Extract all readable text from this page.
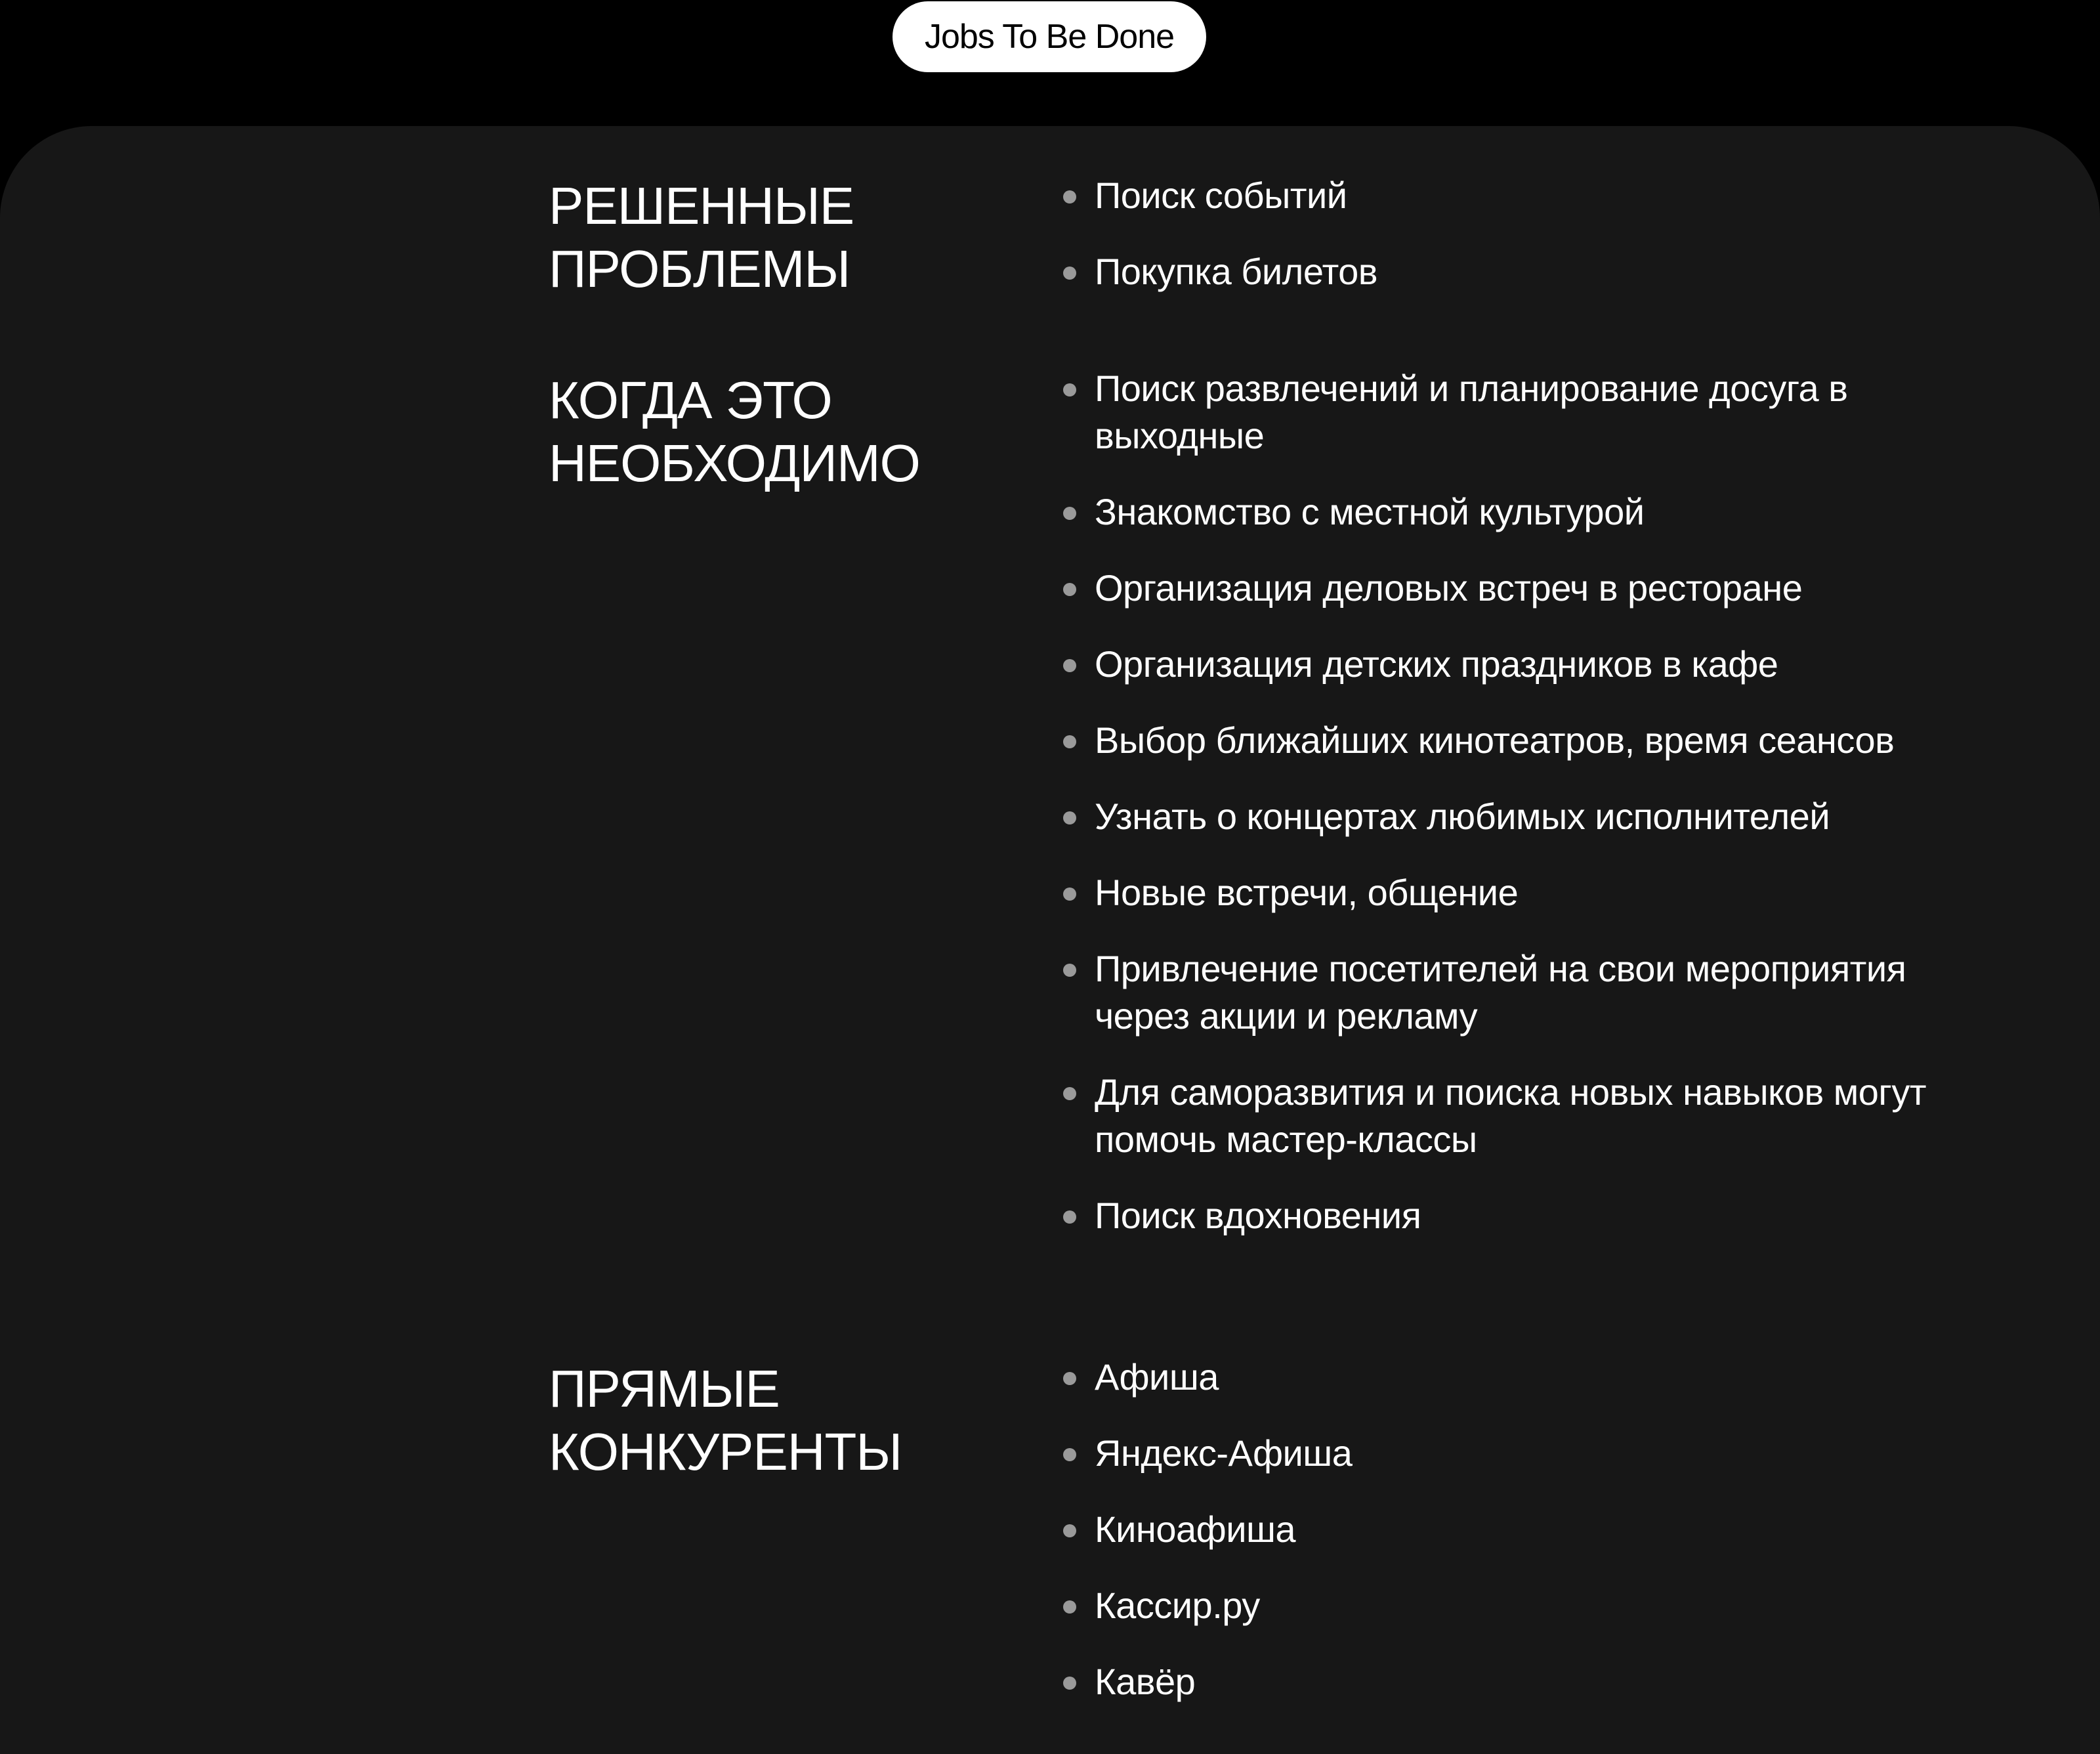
Jobs To Be Done
РЕШЕННЫЕ
ПРОБЛЕМЫ
Поиск событий
Покупка билетов
КОГДА ЭТО
НЕОБХОДИМО
Поиск развлечений и планирование досуга в выходные
Знакомство с местной культурой
Организация деловых встреч в ресторане
Организация детских праздников в кафе
Выбор ближайших кинотеатров, время сеансов
Узнать о концертах любимых исполнителей
Новые встречи, общение
Привлечение посетителей на свои мероприятия через акции и рекламу
Для саморазвития и поиска новых навыков могут помочь мастер-классы
Поиск вдохновения
ПРЯМЫЕ
КОНКУРЕНТЫ
Афиша
Яндекс-Афиша
Киноафиша
Кассир.ру
Кавёр
